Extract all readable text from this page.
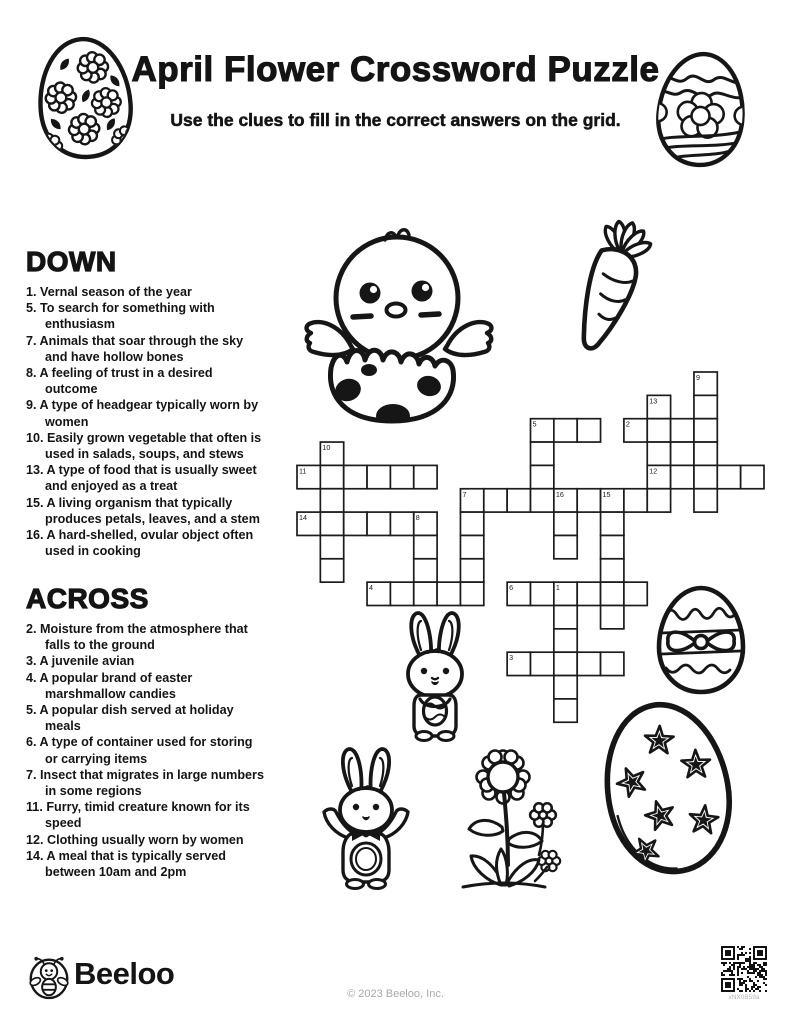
April Flower Crossword Puzzle
Use the clues to fill in the correct answers on the grid.
DOWN
1. Vernal season of the year
5. To search for something with enthusiasm
7. Animals that soar through the sky and have hollow bones
8. A feeling of trust in a desired outcome
9. A type of headgear typically worn by women
10. Easily grown vegetable that often is used in salads, soups, and stews
13. A type of food that is usually sweet and enjoyed as a treat
15. A living organism that typically produces petals, leaves, and a stem
16. A hard-shelled, ovular object often used in cooking
ACROSS
2. Moisture from the atmosphere that falls to the ground
3. A juvenile avian
4. A popular brand of easter marshmallow candies
5. A popular dish served at holiday meals
6. A type of container used for storing or carrying items
7. Insect that migrates in large numbers in some regions
11. Furry, timid creature known for its speed
12. Clothing usually worn by women
14. A meal that is typically served between 10am and 2pm
9
13
5	2
10
11	12
7	16	15
14	8
4	6	1
3
Beeloo
© 2023 Beeloo, Inc.	xNX0B59a
